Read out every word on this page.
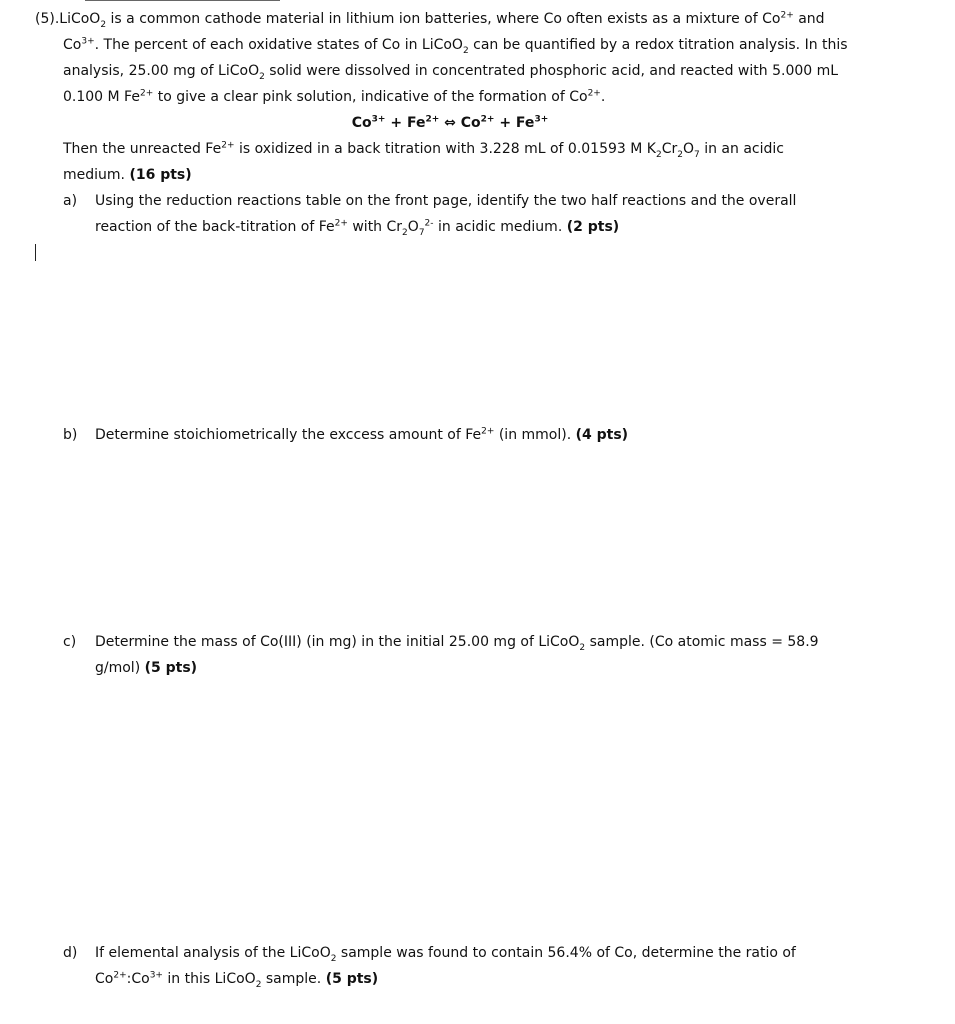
(5).LiCoO$_2$ is a common cathode material in lithium ion batteries, where Co often exists as a mixture of $Co^{2+}$ and
$Co^{3+}$. The percent of each oxidative states of Co in LiCoO$_2$ can be quantified by a redox titration analysis. In this
analysis, 25.00 mg of LiCoO$_2$ solid were dissolved in concentrated phosphoric acid, and reacted with 5.000 mL
0.100 M $Fe^{2+}$ to give a clear pink solution, indicative of the formation of $Co^{2+}$.
$Co^{3+} + Fe^{2+}$ ⇔ $Co^{2+} + Fe^{3+}$
Then the unreacted $Fe^{2+}$ is oxidized in a back titration with 3.228 mL of 0.01593 M $K_2Cr_2O_7$ in an acidic
medium. (16 pts)
a) Using the reduction reactions table on the front page, identify the two half reactions and the overall
reaction of the back-titration of $Fe^{2+}$ with $Cr_2O_7^{2-}$ in acidic medium. (2 pts)
b) Determine stoichiometrically the exccess amount of $Fe^{2+}$ (in mmol). (4 pts)
c) Determine the mass of Co(III) (in mg) in the initial 25.00 mg of LiCoO$_2$ sample. (Co atomic mass = 58.9
g/mol) (5 pts)
d) If elemental analysis of the LiCoO$_2$ sample was found to contain 56.4% of Co, determine the ratio of
$Co^{2+}:Co^{3+}$ in this LiCoO$_2$ sample. (5 pts)
